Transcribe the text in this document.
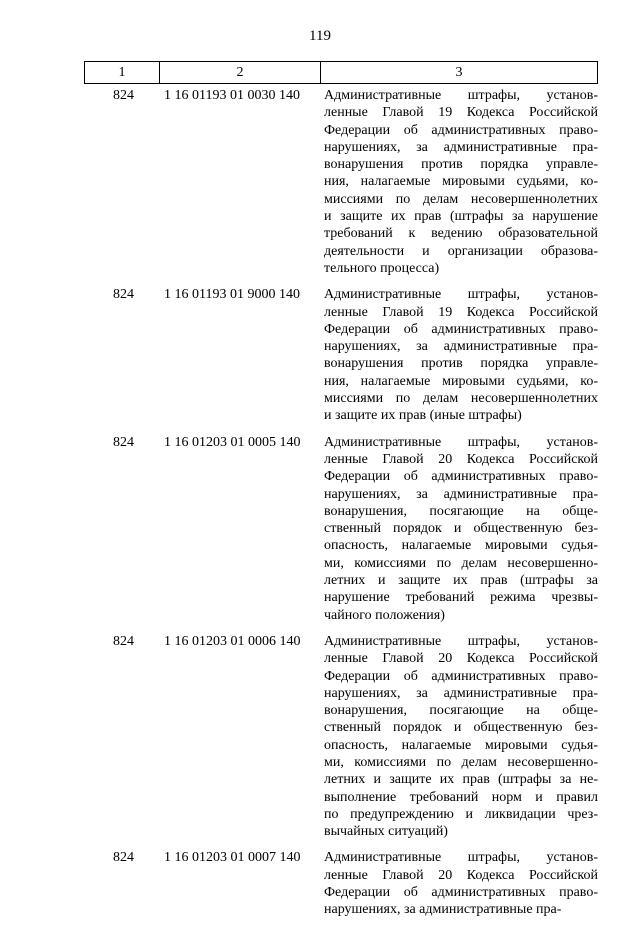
119
1	2	3
824	1 16 01193 01 0030 140	Административные штрафы, установ-
ленные Главой 19 Кодекса Российской
Федерации об административных право-
нарушениях, за административные пра-
вонарушения против порядка управле-
ния, налагаемые мировыми судьями, ко-
миссиями по делам несовершеннолетних
и защите их прав (штрафы за нарушение
требований к ведению образовательной
деятельности и организации образова-
тельного процесса)
824	1 16 01193 01 9000 140	Административные штрафы, установ-
ленные Главой 19 Кодекса Российской
Федерации об административных право-
нарушениях, за административные пра-
вонарушения против порядка управле-
ния, налагаемые мировыми судьями, ко-
миссиями по делам несовершеннолетних
и защите их прав (иные штрафы)
824	1 16 01203 01 0005 140	Административные штрафы, установ-
ленные Главой 20 Кодекса Российской
Федерации об административных право-
нарушениях, за административные пра-
вонарушения, посягающие на обще-
ственный порядок и общественную без-
опасность, налагаемые мировыми судья-
ми, комиссиями по делам несовершенно-
летних и защите их прав (штрафы за
нарушение требований режима чрезвы-
чайного положения)
824	1 16 01203 01 0006 140	Административные штрафы, установ-
ленные Главой 20 Кодекса Российской
Федерации об административных право-
нарушениях, за административные пра-
вонарушения, посягающие на обще-
ственный порядок и общественную без-
опасность, налагаемые мировыми судья-
ми, комиссиями по делам несовершенно-
летних и защите их прав (штрафы за не-
выполнение требований норм и правил
по предупреждению и ликвидации чрез-
вычайных ситуаций)
824	1 16 01203 01 0007 140	Административные штрафы, установ-
ленные Главой 20 Кодекса Российской
Федерации об административных право-
нарушениях, за административные пра-
